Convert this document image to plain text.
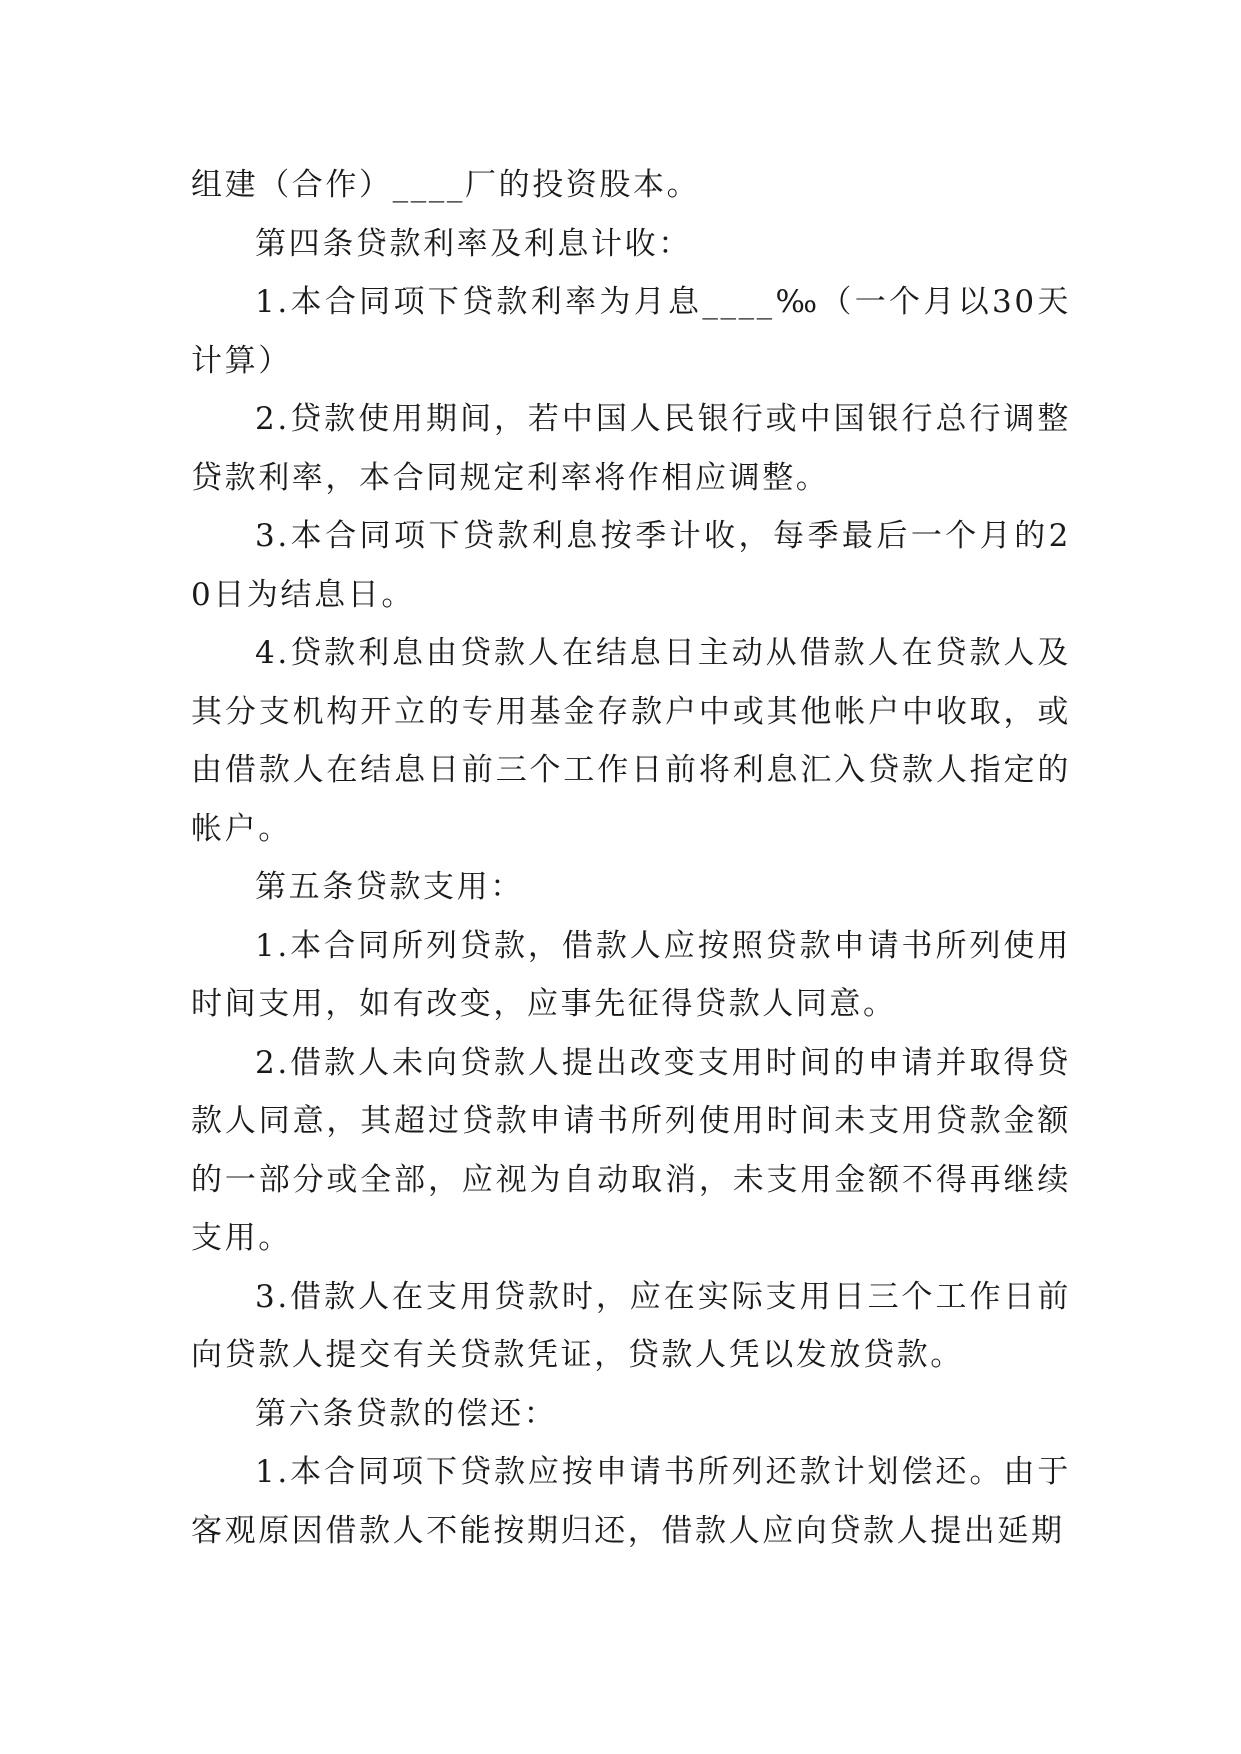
组建（合作）____厂的投资股本。

第四条贷款利率及利息计收：

1.本合同项下贷款利率为月息____‰（一个月以30天计算）

2.贷款使用期间，若中国人民银行或中国银行总行调整贷款利率，本合同规定利率将作相应调整。

3.本合同项下贷款利息按季计收，每季最后一个月的20日为结息日。

4.贷款利息由贷款人在结息日主动从借款人在贷款人及其分支机构开立的专用基金存款户中或其他帐户中收取，或由借款人在结息日前三个工作日前将利息汇入贷款人指定的帐户。

第五条贷款支用：

1.本合同所列贷款，借款人应按照贷款申请书所列使用时间支用，如有改变，应事先征得贷款人同意。

2.借款人未向贷款人提出改变支用时间的申请并取得贷款人同意，其超过贷款申请书所列使用时间未支用贷款金额的一部分或全部，应视为自动取消，未支用金额不得再继续支用。

3.借款人在支用贷款时，应在实际支用日三个工作日前向贷款人提交有关贷款凭证，贷款人凭以发放贷款。

第六条贷款的偿还：

1.本合同项下贷款应按申请书所列还款计划偿还。由于客观原因借款人不能按期归还，借款人应向贷款人提出延期
